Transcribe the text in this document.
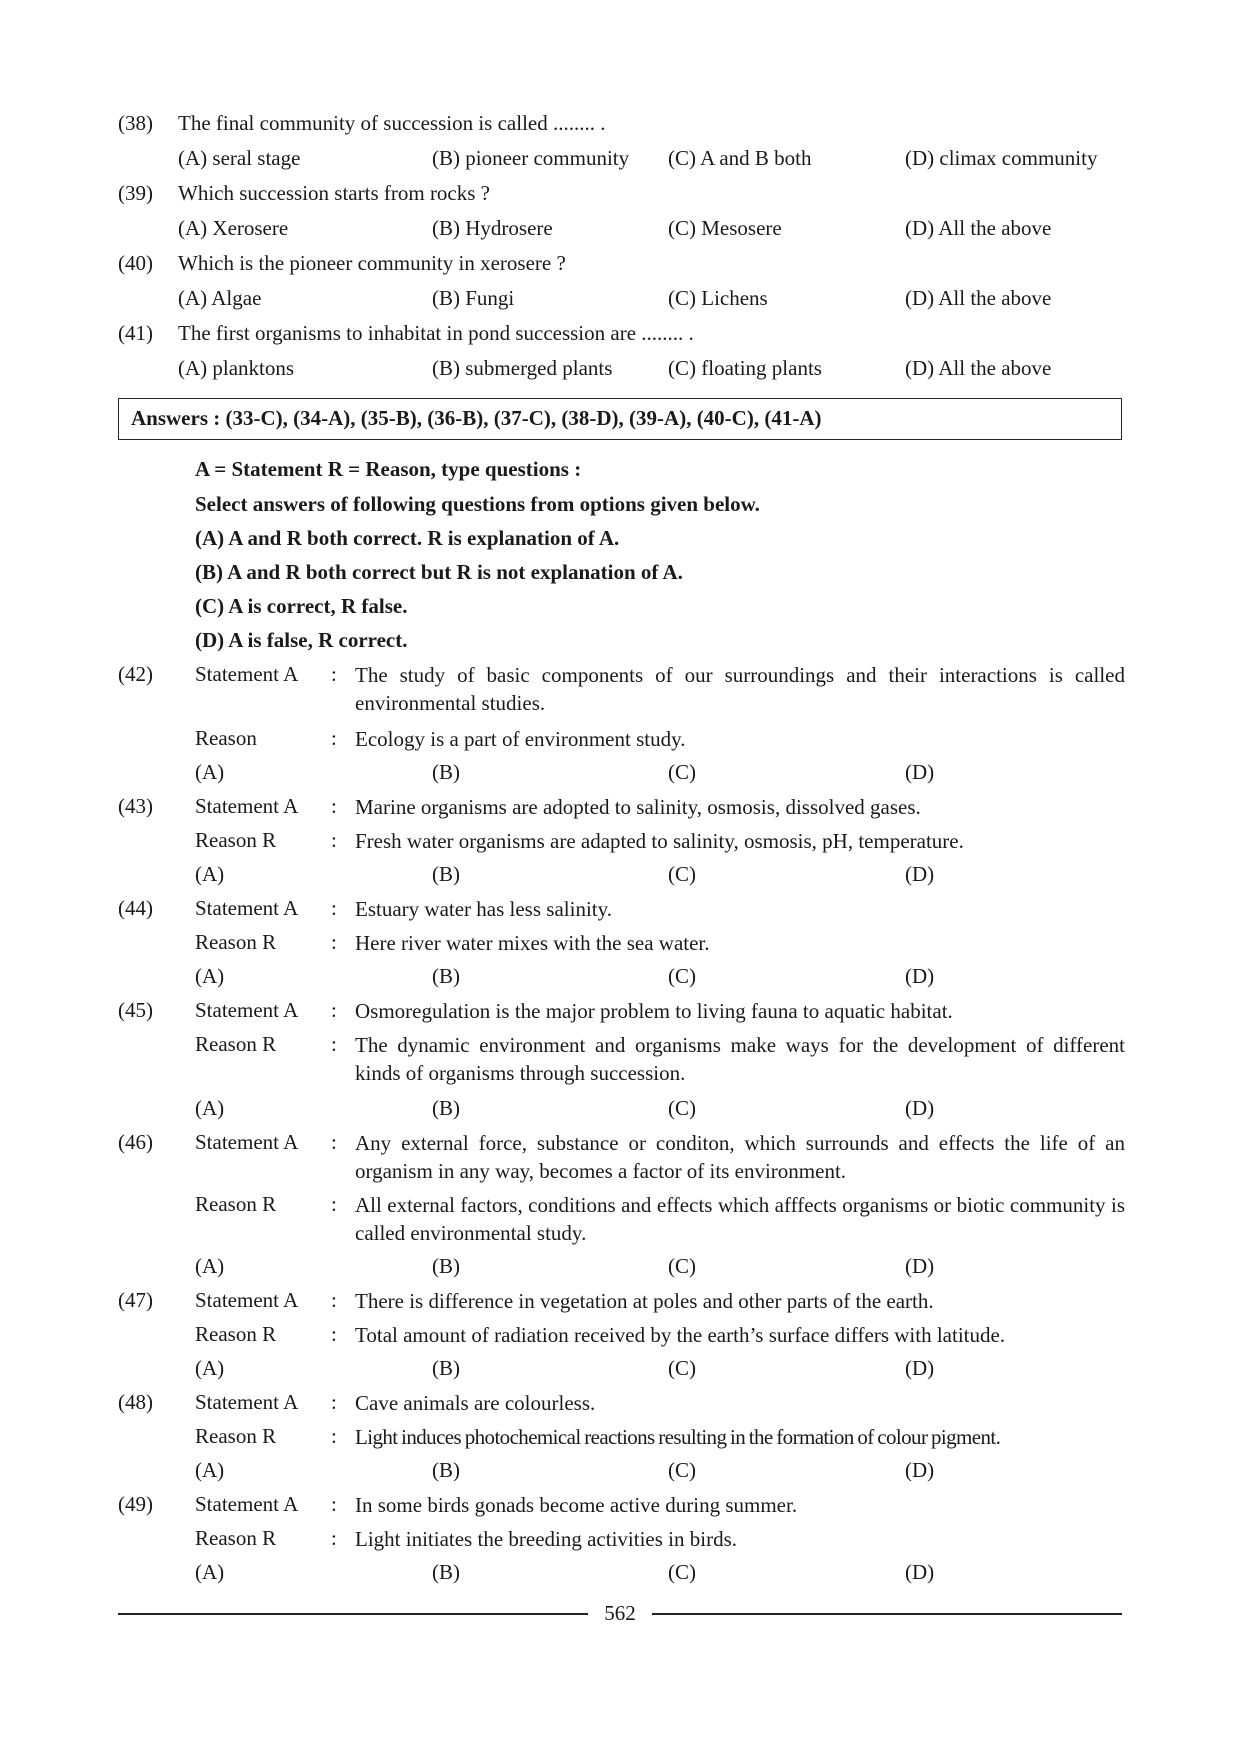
(38) The final community of succession is called ........ .
(A) seral stage	(B) pioneer community (C) A and B both	(D) climax community
(39) Which succession starts from rocks ?
(A) Xerosere	(B) Hydrosere	(C) Mesosere	(D) All the above
(40) Which is the pioneer community in xerosere ?
(A) Algae	(B) Fungi	(C) Lichens	(D) All the above
(41) The first organisms to inhabitat in pond succession are ........ .
(A) planktons	(B) submerged plants	(C) floating plants	(D) All the above
Answers : (33-C), (34-A), (35-B), (36-B), (37-C), (38-D), (39-A), (40-C), (41-A)
A = Statement R = Reason, type questions :
Select answers of following questions from options given below.
(A) A and R both correct. R is explanation of A.
(B) A and R both correct but R is not explanation of A.
(C) A is correct, R false.
(D) A is false, R correct.
(42) Statement A : The study of basic components of our surroundings and their interactions is called environmental studies.
Reason	: Ecology is a part of environment study.
(A)	(B)	(C)	(D)
(43) Statement A : Marine organisms are adopted to salinity, osmosis, dissolved gases.
Reason R	: Fresh water organisms are adapted to salinity, osmosis, pH, temperature.
(A)	(B)	(C)	(D)
(44) Statement A : Estuary water has less salinity.
Reason R	: Here river water mixes with the sea water.
(A)	(B)	(C)	(D)
(45) Statement A : Osmoregulation is the major problem to living fauna to aquatic habitat.
Reason R	: The dynamic environment and organisms make ways for the development of different kinds of organisms through succession.
(A)	(B)	(C)	(D)
(46) Statement A : Any external force, substance or conditon, which surrounds and effects the life of an organism in any way, becomes a factor of its environment.
Reason R	: All external factors, conditions and effects which afffects organisms or biotic community is called environmental study.
(A)	(B)	(C)	(D)
(47) Statement A : There is difference in vegetation at poles and other parts of the earth.
Reason R	: Total amount of radiation received by the earth’s surface differs with latitude.
(A)	(B)	(C)	(D)
(48) Statement A : Cave animals are colourless.
Reason R	: Light induces photochemical reactions resulting in the formation of colour pigment.
(A)	(B)	(C)	(D)
(49) Statement A : In some birds gonads become active during summer.
Reason R	: Light initiates the breeding activities in birds.
(A)	(B)	(C)	(D)
562
